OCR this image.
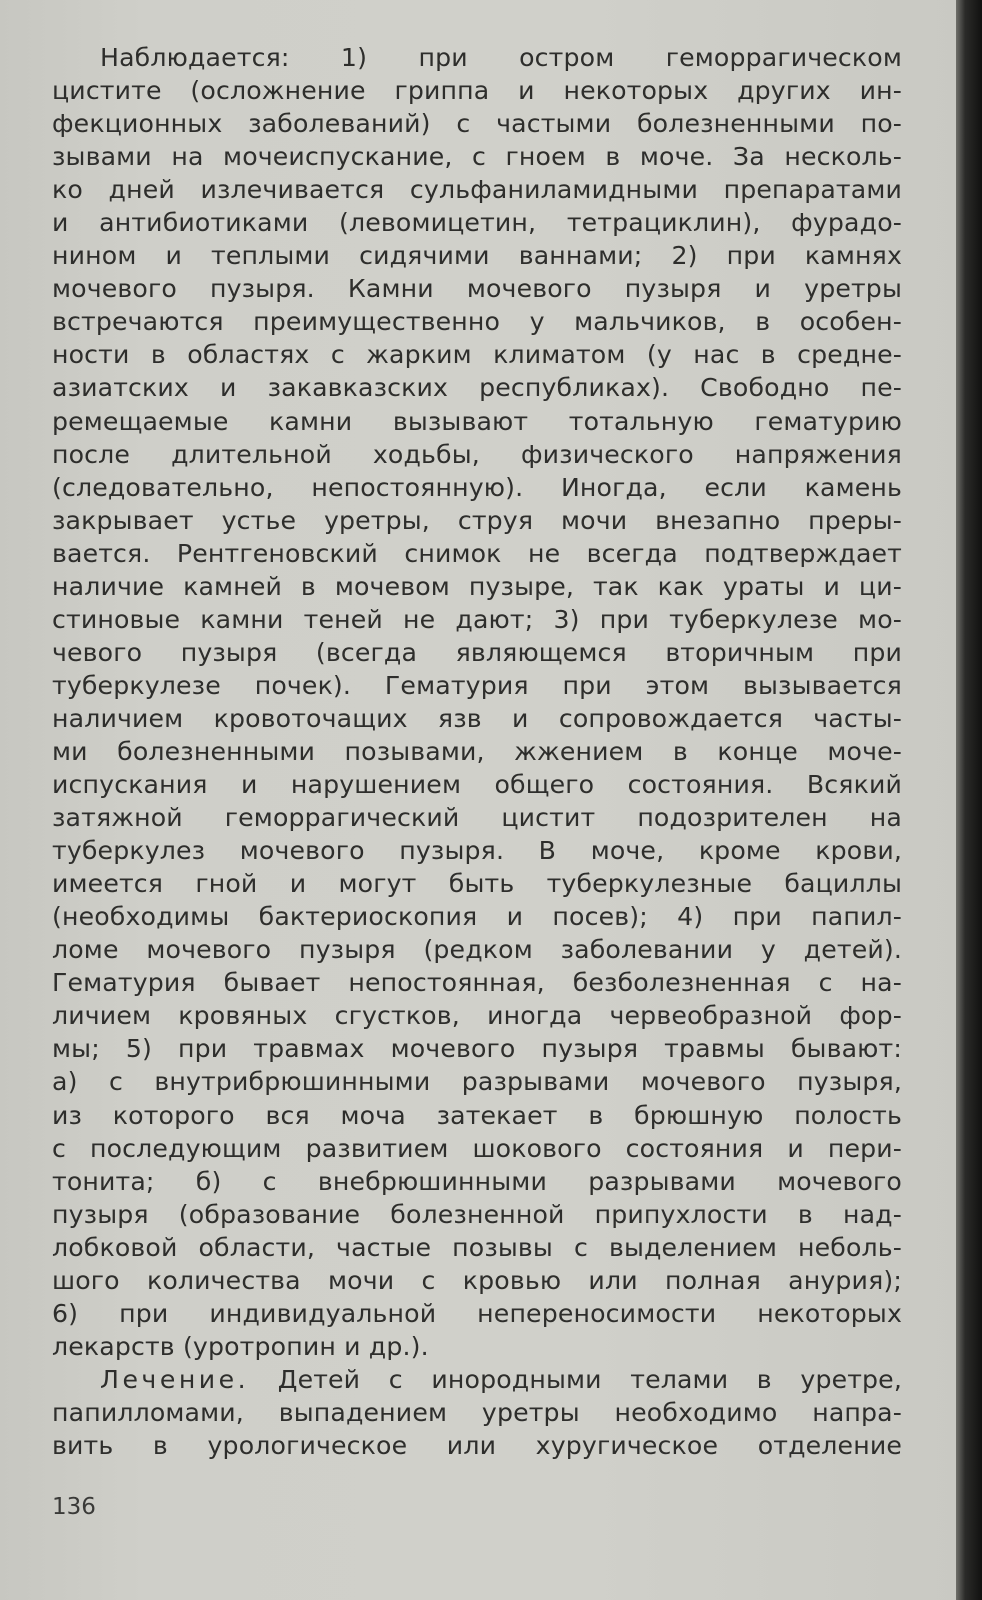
Наблюдается: 1) при остром геморрагическом
цистите (осложнение гриппа и некоторых других ин-
фекционных заболеваний) с частыми болезненными по-
зывами на мочеиспускание, с гноем в моче. За несколь-
ко дней излечивается сульфаниламидными препаратами
и антибиотиками (левомицетин, тетрациклин), фурадо-
нином и теплыми сидячими ваннами; 2) при камнях
мочевого пузыря. Камни мочевого пузыря и уретры
встречаются преимущественно у мальчиков, в особен-
ности в областях с жарким климатом (у нас в средне-
азиатских и закавказских республиках). Свободно пе-
ремещаемые камни вызывают тотальную гематурию
после длительной ходьбы, физического напряжения
(следовательно, непостоянную). Иногда, если камень
закрывает устье уретры, струя мочи внезапно преры-
вается. Рентгеновский снимок не всегда подтверждает
наличие камней в мочевом пузыре, так как ураты и ци-
стиновые камни теней не дают; 3) при туберкулезе мо-
чевого пузыря (всегда являющемся вторичным при
туберкулезе почек). Гематурия при этом вызывается
наличием кровоточащих язв и сопровождается часты-
ми болезненными позывами, жжением в конце моче-
испускания и нарушением общего состояния. Всякий
затяжной геморрагический цистит подозрителен на
туберкулез мочевого пузыря. В моче, кроме крови,
имеется гной и могут быть туберкулезные бациллы
(необходимы бактериоскопия и посев); 4) при папил-
ломе мочевого пузыря (редком заболевании у детей).
Гематурия бывает непостоянная, безболезненная с на-
личием кровяных сгустков, иногда червеобразной фор-
мы; 5) при травмах мочевого пузыря травмы бывают:
а) с внутрибрюшинными разрывами мочевого пузыря,
из которого вся моча затекает в брюшную полость
с последующим развитием шокового состояния и пери-
тонита; б) с внебрюшинными разрывами мочевого
пузыря (образование болезненной припухлости в над-
лобковой области, частые позывы с выделением неболь-
шого количества мочи с кровью или полная анурия);
6) при индивидуальной непереносимости некоторых
лекарств (уротропин и др.).
Лечение. Детей с инородными телами в уретре,
папилломами, выпадением уретры необходимо напра-
вить в урологическое или хуругическое отделение
136
